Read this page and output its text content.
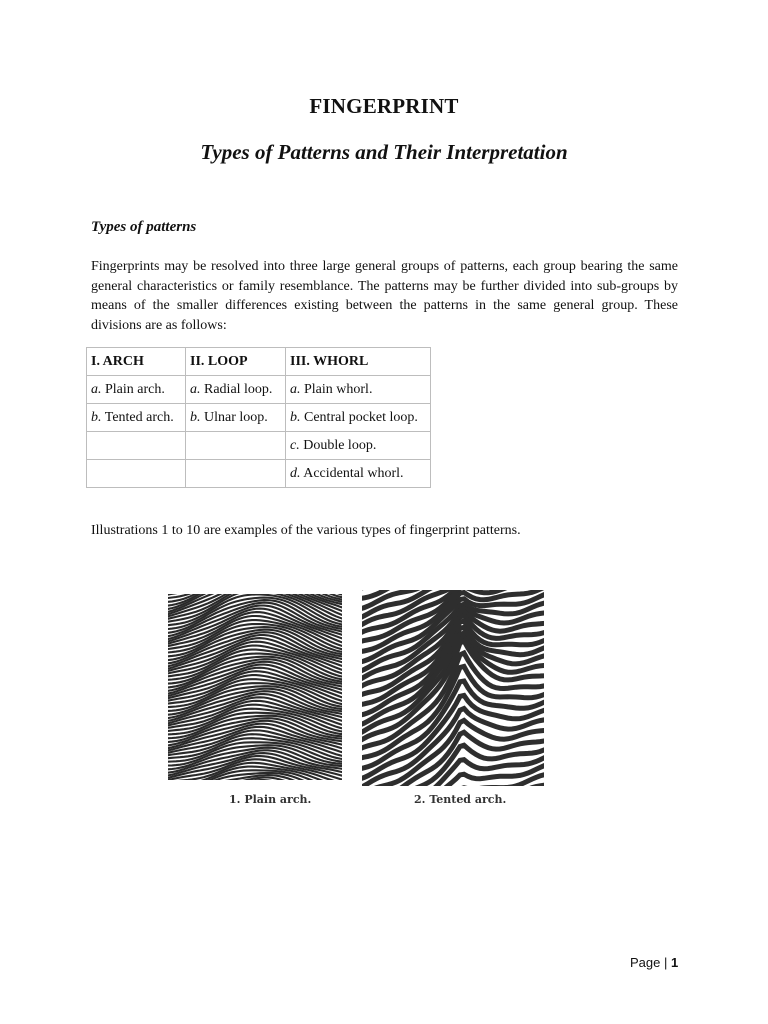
FINGERPRINT
Types of Patterns and Their Interpretation
Types of patterns

Fingerprints may be resolved into three large general groups of patterns, each group bearing the same general characteristics or family resemblance. The patterns may be further divided into sub-groups by means of the smaller differences existing between the patterns in the same general group. These divisions are as follows:

I. ARCH	II. LOOP	III. WHORL
a. Plain arch.	a. Radial loop.	a. Plain whorl.
b. Tented arch.	b. Ulnar loop.	b. Central pocket loop.
		c. Double loop.
		d. Accidental whorl.
Illustrations 1 to 10 are examples of the various types of fingerprint patterns.
1. Plain arch.	2. Tented arch.
Page | 1
